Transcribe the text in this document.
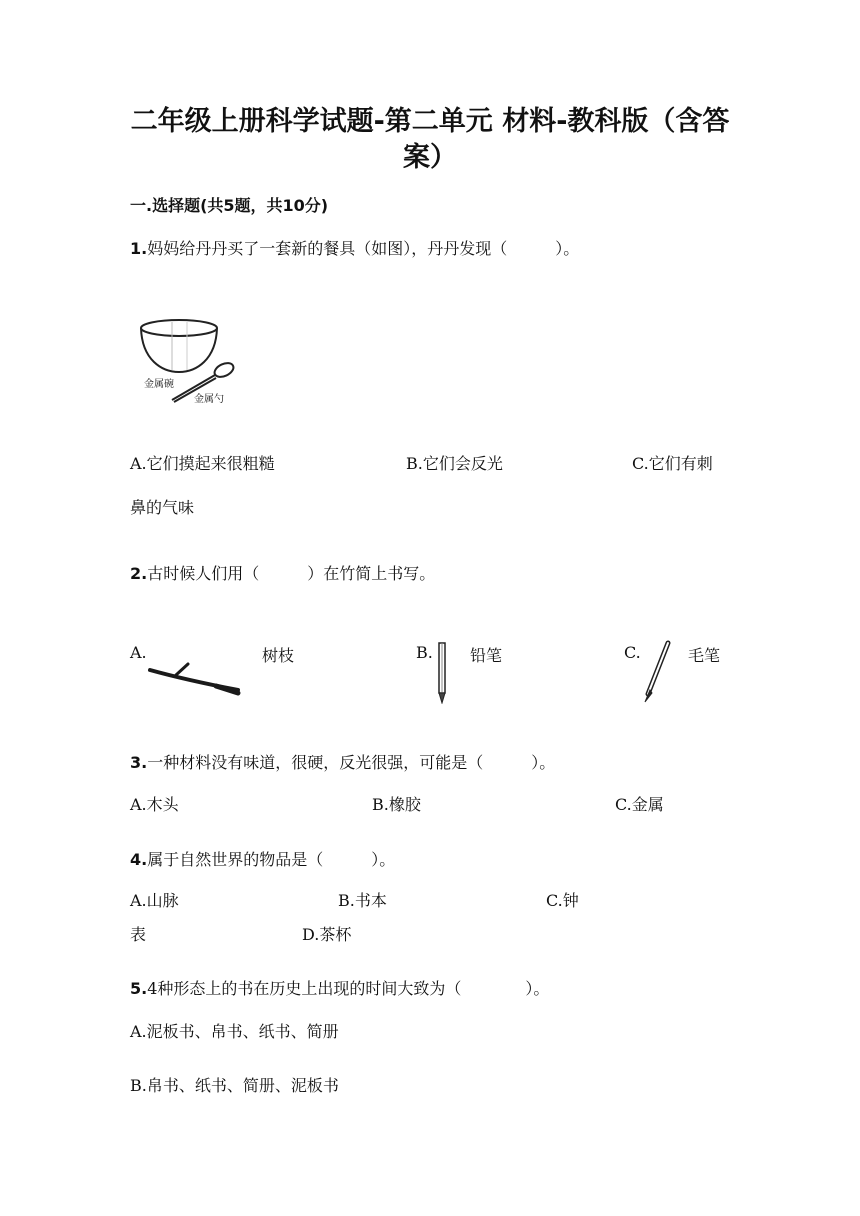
二年级上册科学试题-第二单元 材料-教科版（含答
案）
一.选择题(共5题，共10分)
1.妈妈给丹丹买了一套新的餐具（如图），丹丹发现（　　　）。
金属碗
金属勺
A.它们摸起来很粗糙	B.它们会反光	C.它们有刺
鼻的气味
2.古时候人们用（　　　）在竹简上书写。
A.	树枝	B. 铅笔	C.	毛笔
3.一种材料没有味道，很硬，反光很强，可能是（　　　）。
A.木头	B.橡胶	C.金属
4.属于自然世界的物品是（　　　）。
A.山脉	B.书本	C.钟
表	D.茶杯
5.4种形态上的书在历史上出现的时间大致为（　　　　）。
A.泥板书、帛书、纸书、简册
B.帛书、纸书、简册、泥板书
